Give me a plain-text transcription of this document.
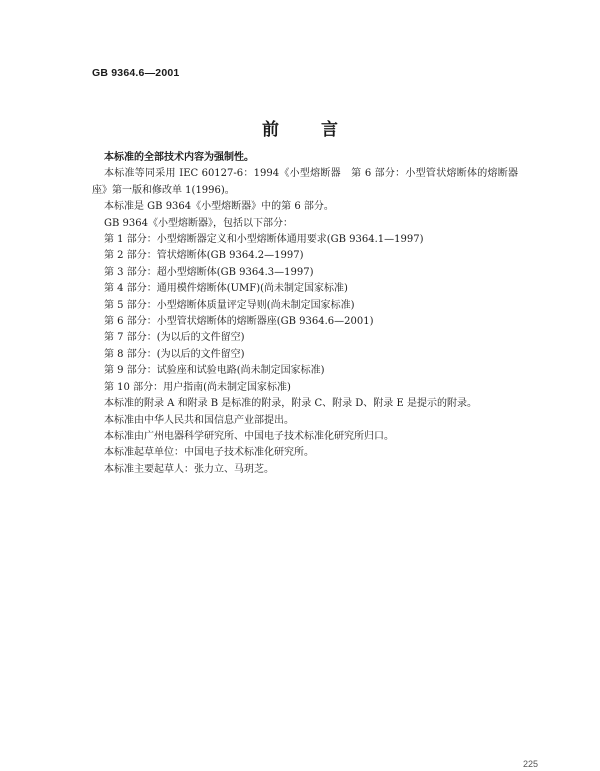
GB 9364.6—2001
前言

本标准的全部技术内容为强制性。

本标准等同采用 IEC 60127-6：1994《小型熔断器　第 6 部分：小型管状熔断体的熔断器座》第一版和修改单 1(1996)。

本标准是 GB 9364《小型熔断器》中的第 6 部分。

GB 9364《小型熔断器》，包括以下部分：

第 1 部分：小型熔断器定义和小型熔断体通用要求(GB 9364.1—1997)

第 2 部分：管状熔断体(GB 9364.2—1997)

第 3 部分：超小型熔断体(GB 9364.3—1997)

第 4 部分：通用模件熔断体(UMF)(尚未制定国家标准)

第 5 部分：小型熔断体质量评定导则(尚未制定国家标准)

第 6 部分：小型管状熔断体的熔断器座(GB 9364.6—2001)

第 7 部分：(为以后的文件留空)

第 8 部分：(为以后的文件留空)

第 9 部分：试验座和试验电路(尚未制定国家标准)

第 10 部分：用户指南(尚未制定国家标准)

本标准的附录 A 和附录 B 是标准的附录，附录 C、附录 D、附录 E 是提示的附录。

本标准由中华人民共和国信息产业部提出。

本标准由广州电器科学研究所、中国电子技术标准化研究所归口。

本标准起草单位：中国电子技术标准化研究所。

本标准主要起草人：张力立、马玥芝。

225
